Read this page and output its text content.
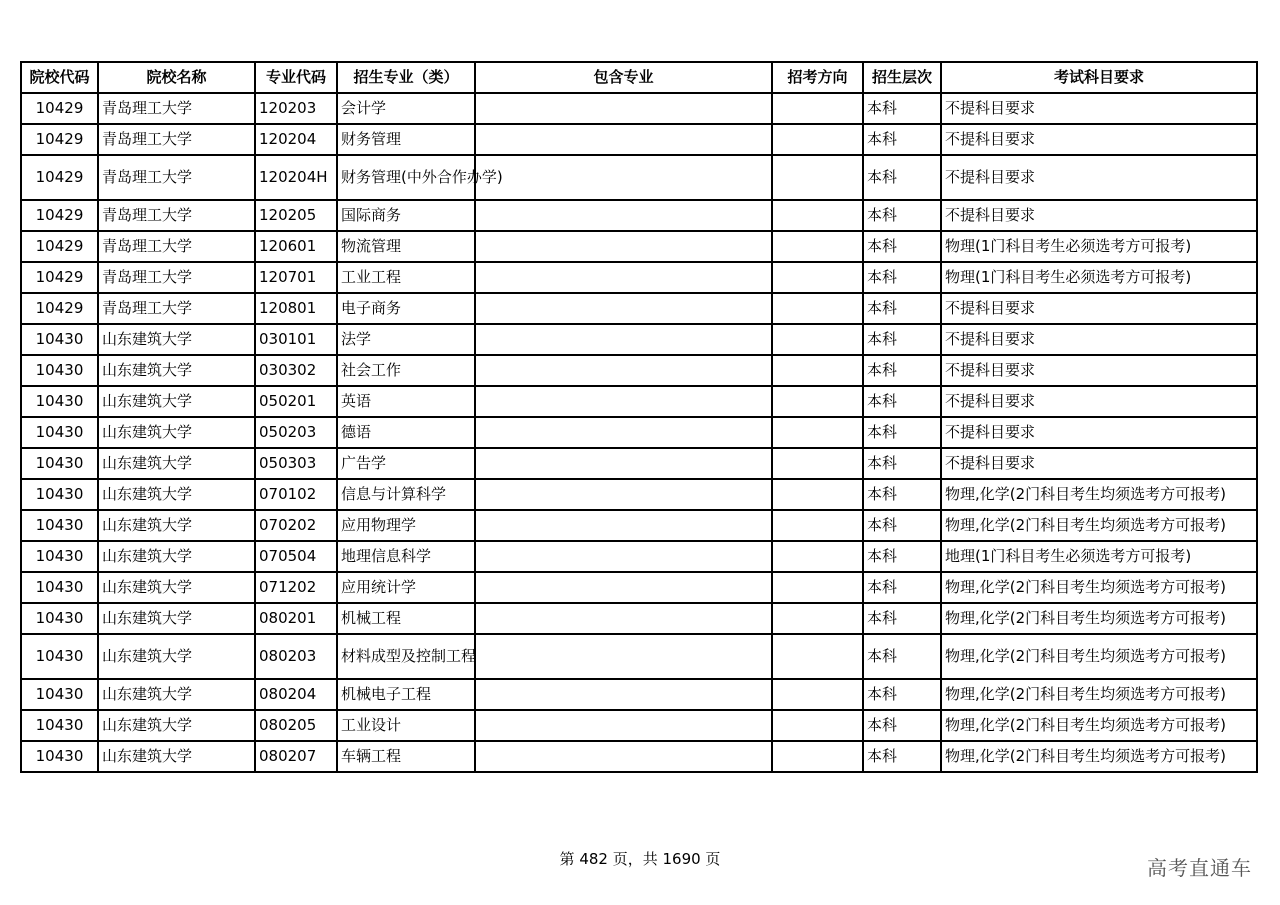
院校代码	院校名称	专业代码	招生专业（类）	包含专业	招考方向	招生层次	考试科目要求
10429	青岛理工大学	120203	会计学			本科	不提科目要求
10429	青岛理工大学	120204	财务管理			本科	不提科目要求
10429	青岛理工大学	120204H	财务管理(中外合作办学)			本科	不提科目要求
10429	青岛理工大学	120205	国际商务			本科	不提科目要求
10429	青岛理工大学	120601	物流管理			本科	物理(1门科目考生必须选考方可报考)
10429	青岛理工大学	120701	工业工程			本科	物理(1门科目考生必须选考方可报考)
10429	青岛理工大学	120801	电子商务			本科	不提科目要求
10430	山东建筑大学	030101	法学			本科	不提科目要求
10430	山东建筑大学	030302	社会工作			本科	不提科目要求
10430	山东建筑大学	050201	英语			本科	不提科目要求
10430	山东建筑大学	050203	德语			本科	不提科目要求
10430	山东建筑大学	050303	广告学			本科	不提科目要求
10430	山东建筑大学	070102	信息与计算科学			本科	物理,化学(2门科目考生均须选考方可报考)
10430	山东建筑大学	070202	应用物理学			本科	物理,化学(2门科目考生均须选考方可报考)
10430	山东建筑大学	070504	地理信息科学			本科	地理(1门科目考生必须选考方可报考)
10430	山东建筑大学	071202	应用统计学			本科	物理,化学(2门科目考生均须选考方可报考)
10430	山东建筑大学	080201	机械工程			本科	物理,化学(2门科目考生均须选考方可报考)
10430	山东建筑大学	080203	材料成型及控制工程			本科	物理,化学(2门科目考生均须选考方可报考)
10430	山东建筑大学	080204	机械电子工程			本科	物理,化学(2门科目考生均须选考方可报考)
10430	山东建筑大学	080205	工业设计			本科	物理,化学(2门科目考生均须选考方可报考)
10430	山东建筑大学	080207	车辆工程			本科	物理,化学(2门科目考生均须选考方可报考)
第 482 页，共 1690 页	高考直通车
